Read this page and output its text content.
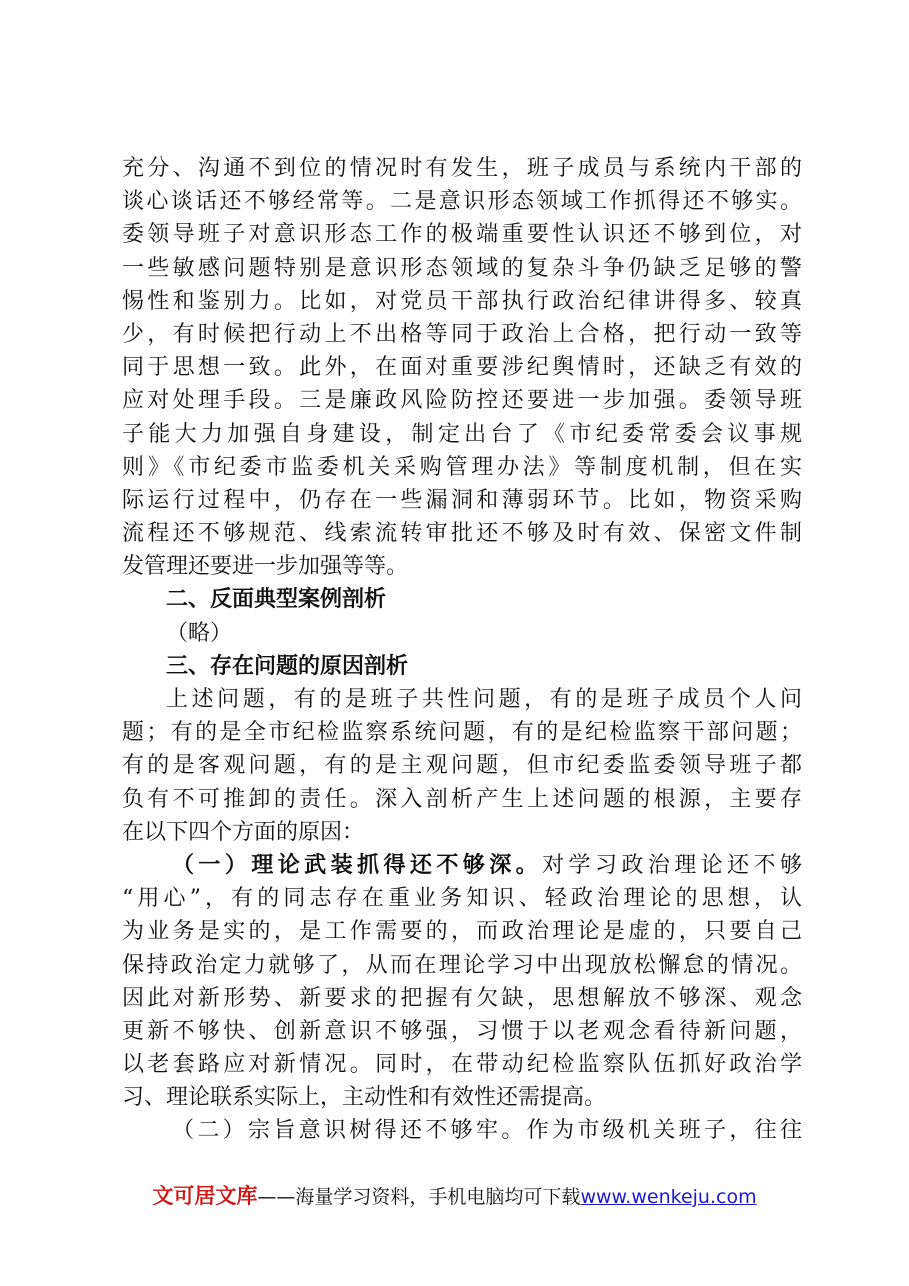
充分、沟通不到位的情况时有发生，班子成员与系统内干部的
谈心谈话还不够经常等。二是意识形态领域工作抓得还不够实。
委领导班子对意识形态工作的极端重要性认识还不够到位，对
一些敏感问题特别是意识形态领域的复杂斗争仍缺乏足够的警
惕性和鉴别力。比如，对党员干部执行政治纪律讲得多、较真
少，有时候把行动上不出格等同于政治上合格，把行动一致等
同于思想一致。此外，在面对重要涉纪舆情时，还缺乏有效的
应对处理手段。三是廉政风险防控还要进一步加强。委领导班
子能大力加强自身建设，制定出台了《市纪委常委会议事规
则》《市纪委市监委机关采购管理办法》等制度机制，但在实
际运行过程中，仍存在一些漏洞和薄弱环节。比如，物资采购
流程还不够规范、线索流转审批还不够及时有效、保密文件制
发管理还要进一步加强等等。
二、反面典型案例剖析
（略）
三、存在问题的原因剖析
上述问题，有的是班子共性问题，有的是班子成员个人问
题；有的是全市纪检监察系统问题，有的是纪检监察干部问题；
有的是客观问题，有的是主观问题，但市纪委监委领导班子都
负有不可推卸的责任。深入剖析产生上述问题的根源，主要存
在以下四个方面的原因：
（一）理论武装抓得还不够深。对学习政治理论还不够
“用心”，有的同志存在重业务知识、轻政治理论的思想，认
为业务是实的，是工作需要的，而政治理论是虚的，只要自己
保持政治定力就够了，从而在理论学习中出现放松懈怠的情况。
因此对新形势、新要求的把握有欠缺，思想解放不够深、观念
更新不够快、创新意识不够强，习惯于以老观念看待新问题，
以老套路应对新情况。同时，在带动纪检监察队伍抓好政治学
习、理论联系实际上，主动性和有效性还需提高。
（二）宗旨意识树得还不够牢。作为市级机关班子，往往
文可居文库——海量学习资料，手机电脑均可下载www.wenkeju.com
